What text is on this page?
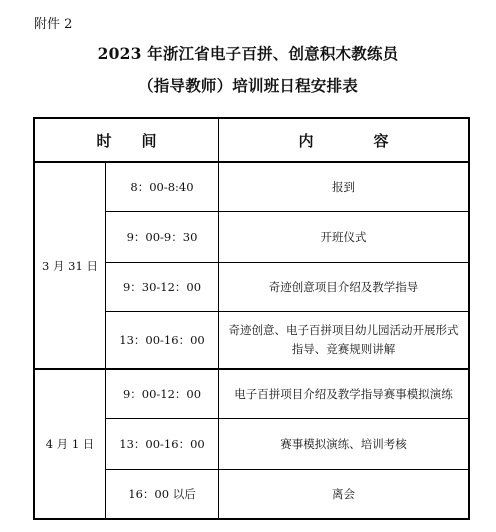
附件 2
2023 年浙江省电子百拼、创意积木教练员
（指导教师）培训班日程安排表
时　　间		内　　　　容
3 月 31 日	8：00-8:40	报到
	9：00-9：30	开班仪式
	9：30-12：00	奇迹创意项目介绍及教学指导
	13：00-16：00	奇迹创意、电子百拼项目幼儿园活动开展形式指导、竞赛规则讲解
4 月 1 日	9：00-12：00	电子百拼项目介绍及教学指导赛事模拟演练
	13：00-16：00	赛事模拟演练、培训考核
	16：00 以后	离会
